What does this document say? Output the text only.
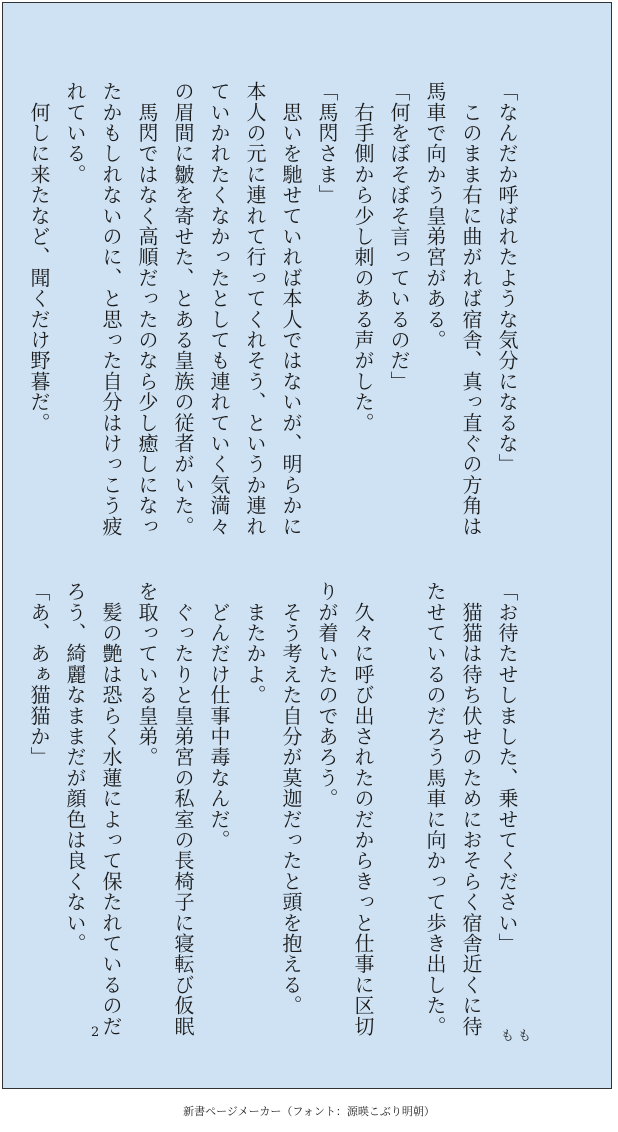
「なんだか呼ばれたような気分になるな」

　このまま右に曲がれば宿舎、真っ直ぐの方角は

馬車で向かう皇弟宮がある。

「何をぼそぼそ言っているのだ」

　右手側から少し刺のある声がした。

「馬閃さま」

　思いを馳せていれば本人ではないが、明らかに

本人の元に連れて行ってくれそう、というか連れ

ていかれたくなかったとしても連れていく気満々

の眉間に皺を寄せた、とある皇族の従者がいた。

　馬閃ではなく高順だったのなら少し癒しになっ

たかもしれないのに、と思った自分はけっこう疲

れている。

　何しに来たなど、聞くだけ野暮だ。

「お待たせしました、乗せてください」

　猫猫は待ち伏せのためにおそらく宿舎近くに待

たせているのだろう馬車に向かって歩き出した。

　久々に呼び出されたのだからきっと仕事に区切

りが着いたのであろう。

　そう考えた自分が莫迦だったと頭を抱える。

　またかよ。

　どんだけ仕事中毒なんだ。

　ぐったりと皇弟宮の私室の長椅子に寝転び仮眠

を取っている皇弟。

　髪の艶は恐らく水蓮によって保たれているのだ

ろう、綺麗なままだが顔色は良くない。

「あ、あぁ猫猫か」

2	もも
新書ページメーカー（フォント：源暎こぶり明朝）
